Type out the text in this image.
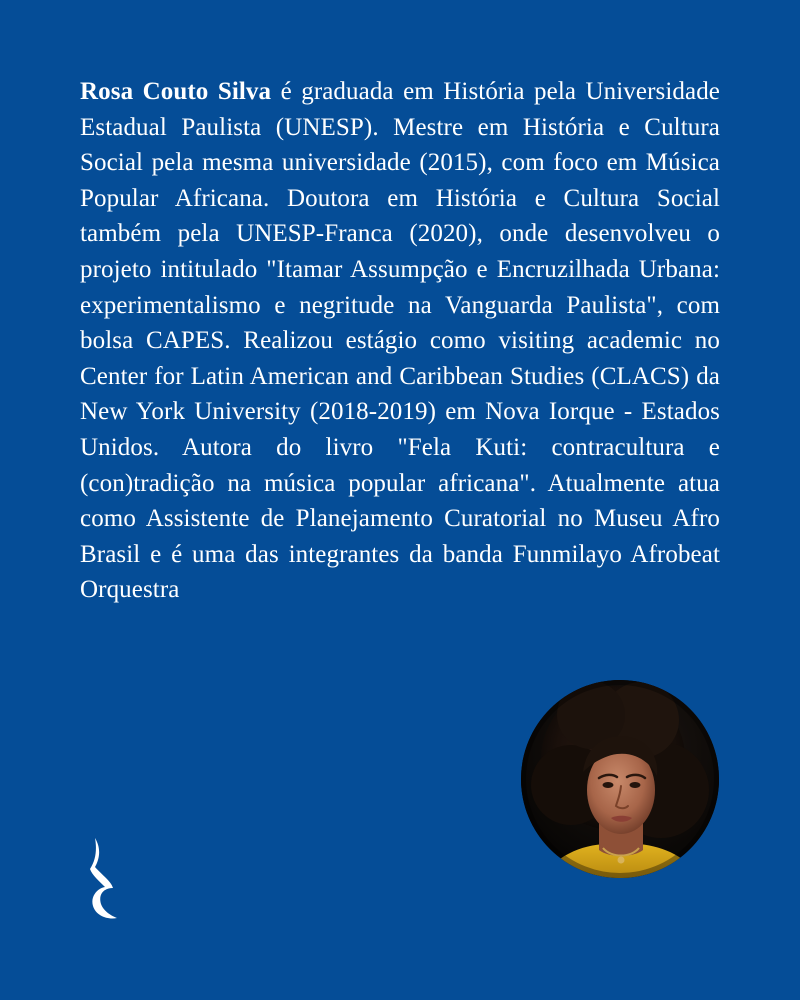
Rosa Couto Silva é graduada em História pela Universidade Estadual Paulista (UNESP). Mestre em História e Cultura Social pela mesma universidade (2015), com foco em Música Popular Africana. Doutora em História e Cultura Social também pela UNESP-Franca (2020), onde desenvolveu o projeto intitulado "Itamar Assumpção e Encruzilhada Urbana: experimentalismo e negritude na Vanguarda Paulista", com bolsa CAPES. Realizou estágio como visiting academic no Center for Latin American and Caribbean Studies (CLACS) da New York University (2018-2019) em Nova Iorque - Estados Unidos. Autora do livro "Fela Kuti: contracultura e (con)tradição na música popular africana". Atualmente atua como Assistente de Planejamento Curatorial no Museu Afro Brasil e é uma das integrantes da banda Funmilayo Afrobeat Orquestra
